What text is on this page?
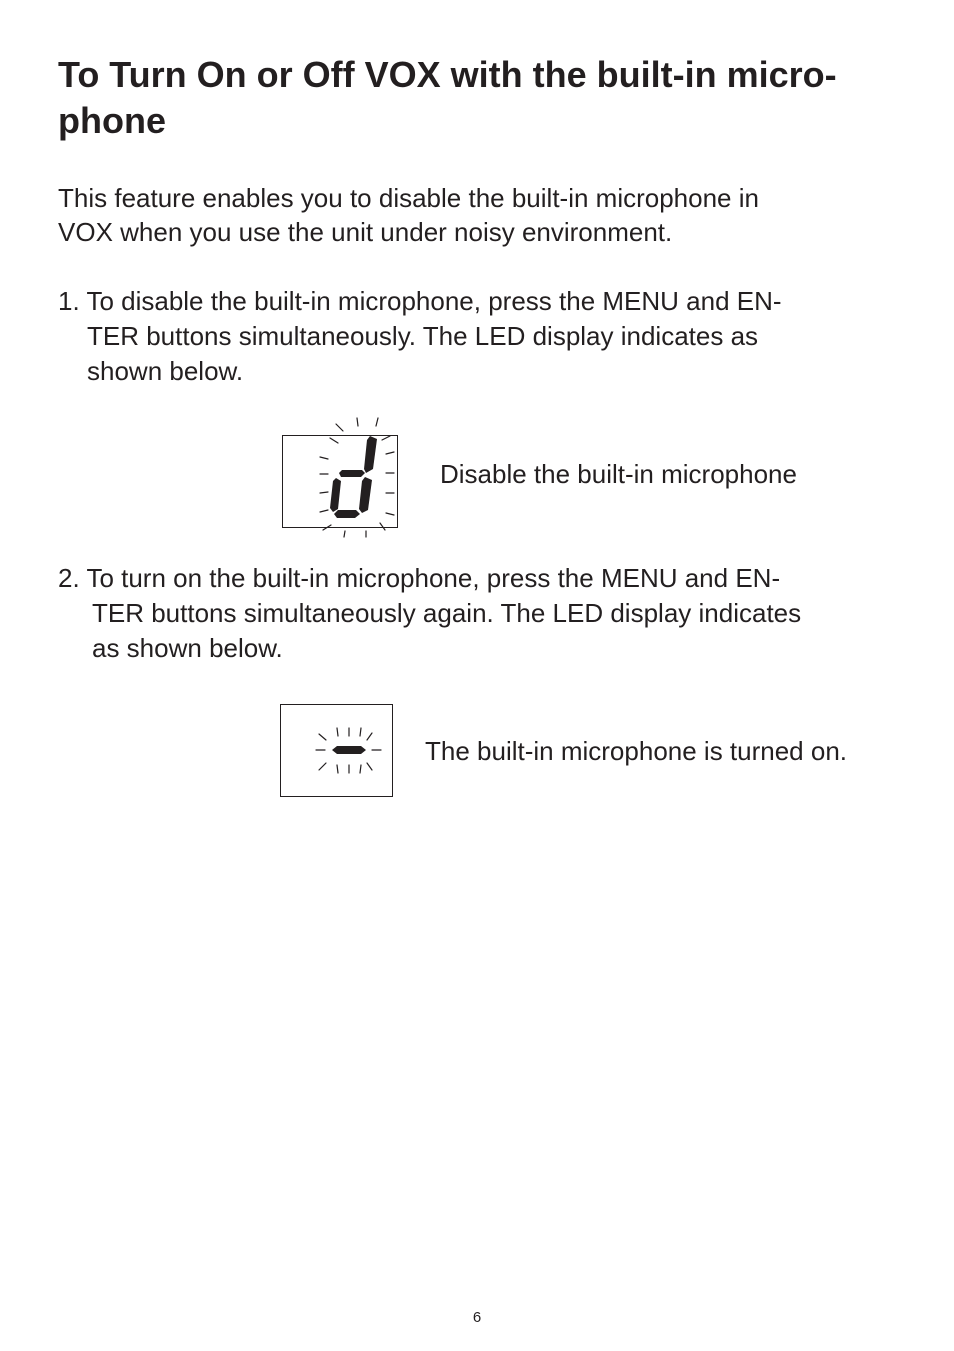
To Turn On or Off VOX with the built-in micro-
phone
This feature enables you to disable the built-in microphone in
VOX when you use the unit under noisy environment.
1. To disable the built-in microphone, press the MENU and EN-
TER buttons simultaneously. The LED display indicates as
shown below.
Disable the built-in microphone
2. To turn on the built-in microphone, press the MENU and EN-
TER buttons simultaneously again. The LED display indicates
as shown below.
The built-in microphone is turned on.
6
